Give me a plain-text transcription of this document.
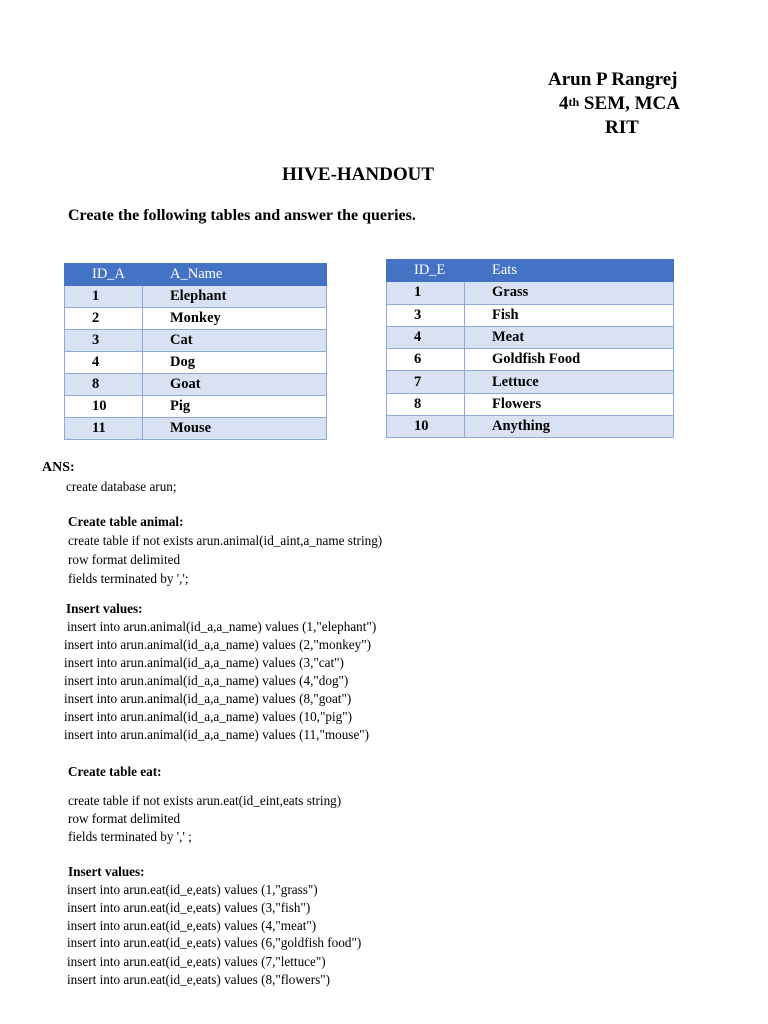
Arun P Rangrej
4th SEM, MCA
RIT
HIVE-HANDOUT
Create the following tables and answer the queries.
ID_A	A_Name
1	Elephant
2	Monkey
3	Cat
4	Dog
8	Goat
10	Pig
11	Mouse
ID_E	Eats
1	Grass
3	Fish
4	Meat
6	Goldfish Food
7	Lettuce
8	Flowers
10	Anything
ANS:
create database arun;
Create table animal:
create table if not exists arun.animal(id_aint,a_name string)
row format delimited
fields terminated by ',';
Insert values:
insert into arun.animal(id_a,a_name) values (1,"elephant")
insert into arun.animal(id_a,a_name) values (2,"monkey")
insert into arun.animal(id_a,a_name) values (3,"cat")
insert into arun.animal(id_a,a_name) values (4,"dog")
insert into arun.animal(id_a,a_name) values (8,"goat")
insert into arun.animal(id_a,a_name) values (10,"pig")
insert into arun.animal(id_a,a_name) values (11,"mouse")
Create table eat:
create table if not exists arun.eat(id_eint,eats string)
row format delimited
fields terminated by ',' ;
Insert values:
insert into arun.eat(id_e,eats) values (1,"grass")
insert into arun.eat(id_e,eats) values (3,"fish")
insert into arun.eat(id_e,eats) values (4,"meat")
insert into arun.eat(id_e,eats) values (6,"goldfish food")
insert into arun.eat(id_e,eats) values (7,"lettuce")
insert into arun.eat(id_e,eats) values (8,"flowers")
